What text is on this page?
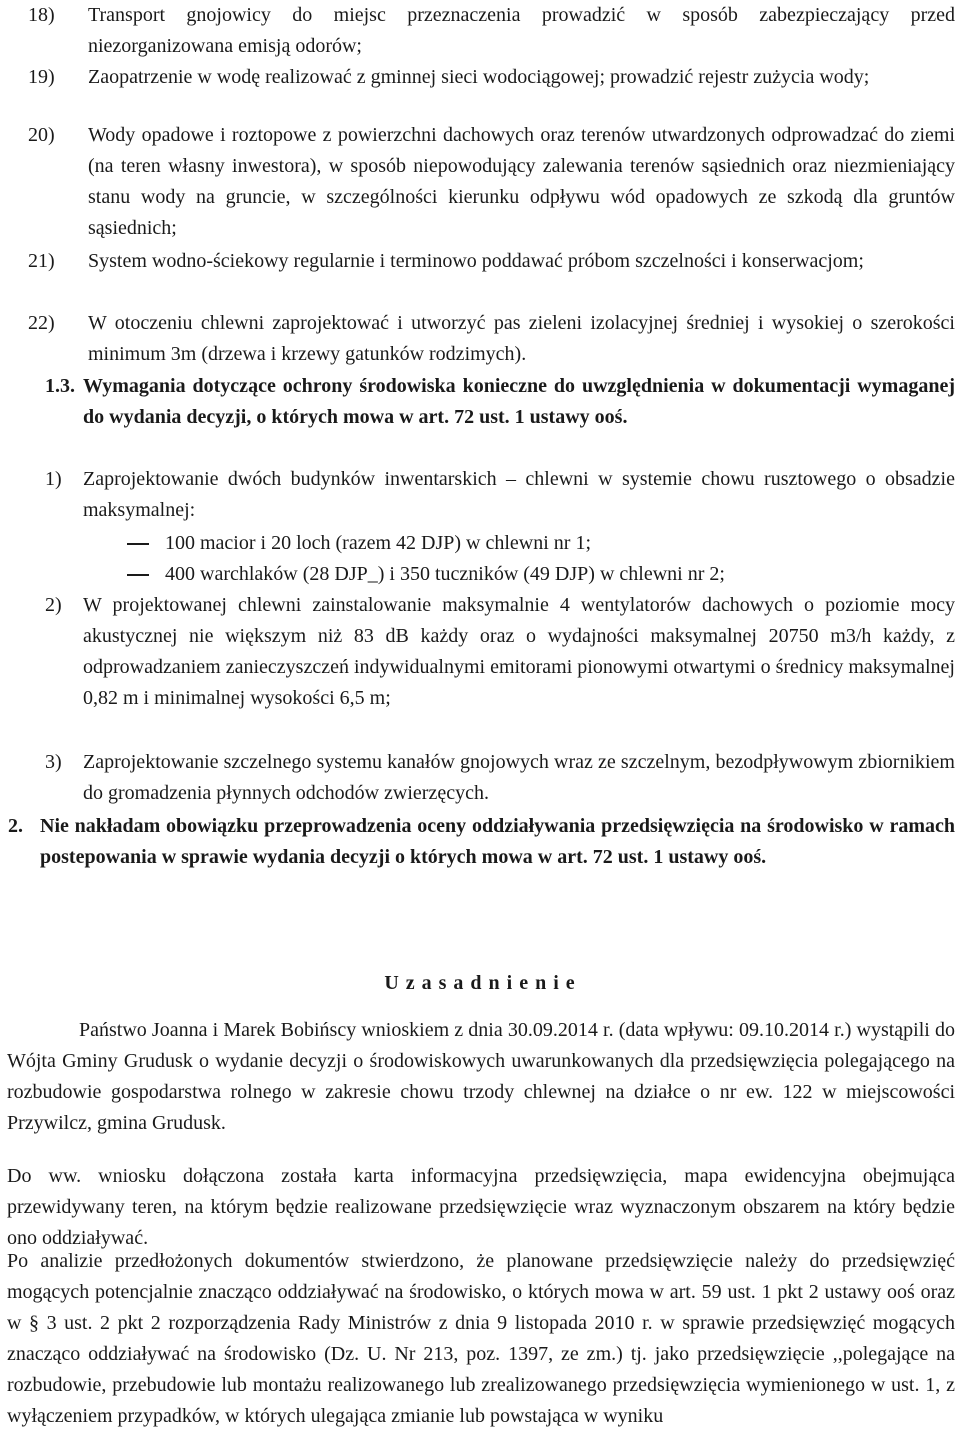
18)	Transport gnojowicy do miejsc przeznaczenia prowadzić w sposób zabezpieczający przed niezorganizowana emisją odorów;
19)	Zaopatrzenie w wodę realizować z gminnej sieci wodociągowej; prowadzić rejestr zużycia wody;
20)	Wody opadowe i roztopowe z powierzchni dachowych oraz terenów utwardzonych odprowadzać do ziemi (na teren własny inwestora), w sposób niepowodujący zalewania terenów sąsiednich oraz niezmieniający stanu wody na gruncie, w szczególności kierunku odpływu wód opadowych ze szkodą dla gruntów sąsiednich;
21)	System wodno-ściekowy regularnie i terminowo poddawać próbom szczelności i konserwacjom;
22)	W otoczeniu chlewni zaprojektować i utworzyć pas zieleni izolacyjnej średniej i wysokiej o szerokości minimum 3m (drzewa i krzewy gatunków rodzimych).
1.3. Wymagania dotyczące ochrony środowiska konieczne do uwzględnienia w dokumentacji wymaganej do wydania decyzji, o których mowa w art. 72 ust. 1 ustawy ooś.
1)	Zaprojektowanie dwóch budynków inwentarskich – chlewni w systemie chowu rusztowego o obsadzie maksymalnej:
100 macior i 20 loch (razem 42 DJP) w chlewni nr 1;
400 warchlaków (28 DJP_) i 350 tuczników (49 DJP) w chlewni nr 2;
2)	W projektowanej chlewni zainstalowanie maksymalnie 4 wentylatorów dachowych o poziomie mocy akustycznej nie większym niż 83 dB każdy oraz o wydajności maksymalnej 20750 m3/h każdy, z odprowadzaniem zanieczyszczeń indywidualnymi emitorami pionowymi otwartymi o średnicy maksymalnej 0,82 m i minimalnej wysokości 6,5 m;
3)	Zaprojektowanie szczelnego systemu kanałów gnojowych wraz ze szczelnym, bezodpływowym zbiornikiem do gromadzenia płynnych odchodów zwierzęcych.
2. Nie nakładam obowiązku przeprowadzenia oceny oddziaływania przedsięwzięcia na środowisko w ramach postepowania w sprawie wydania decyzji o których mowa w art. 72 ust. 1 ustawy ooś.
U z a s a d n i e n i e
Państwo Joanna i Marek Bobińscy wnioskiem z dnia 30.09.2014 r. (data wpływu: 09.10.2014 r.) wystąpili do Wójta Gminy Grudusk o wydanie decyzji o środowiskowych uwarunkowanych dla przedsięwzięcia polegającego na rozbudowie gospodarstwa rolnego w zakresie chowu trzody chlewnej na działce o nr ew. 122 w miejscowości Przywilcz, gmina Grudusk.
Do ww. wniosku dołączona została karta informacyjna przedsięwzięcia, mapa ewidencyjna obejmująca przewidywany teren, na którym będzie realizowane przedsięwzięcie wraz wyznaczonym obszarem na który będzie ono oddziaływać.
Po analizie przedłożonych dokumentów stwierdzono, że planowane przedsięwzięcie należy do przedsięwzięć mogących potencjalnie znacząco oddziaływać na środowisko, o których mowa w art. 59 ust. 1 pkt 2 ustawy ooś oraz w § 3 ust. 2 pkt 2 rozporządzenia Rady Ministrów z dnia 9 listopada 2010 r. w sprawie przedsięwzięć mogących znacząco oddziaływać na środowisko (Dz. U. Nr 213, poz. 1397, ze zm.) tj. jako przedsięwzięcie ,,polegające na rozbudowie, przebudowie lub montażu realizowanego lub zrealizowanego przedsięwzięcia wymienionego w ust. 1, z wyłączeniem przypadków, w których ulegająca zmianie lub powstająca w wyniku
